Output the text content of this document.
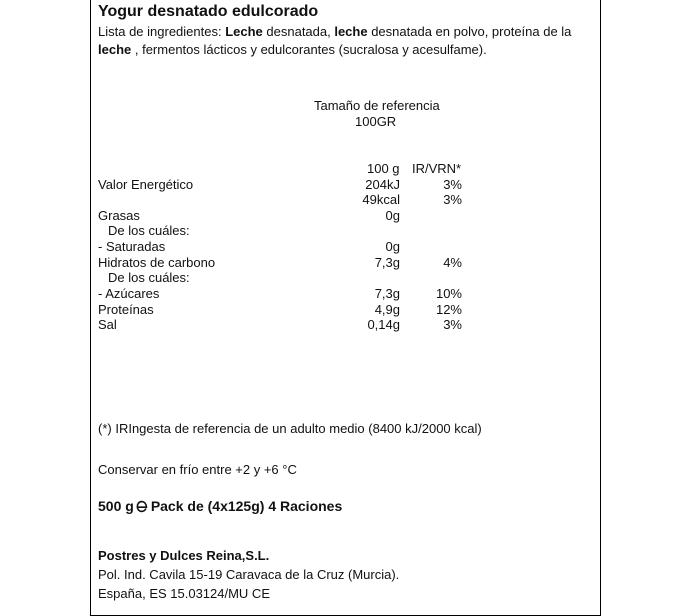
Yogur desnatado edulcorado
Lista de ingredientes: Leche desnatada, leche desnatada en polvo, proteína de la leche , fermentos lácticos y edulcorantes (sucralosa y acesulfame).
Tamaño de referencia
100GR
100 g IR/VRN*
Valor Energético	204kJ	3%
49kcal	3%
Grasas	0g
De los cuáles:
- Saturadas	0g
Hidratos de carbono	7,3g	4%
De los cuáles:
- Azúcares	7,3g	10%
Proteínas	4,9g	12%
Sal	0,14g	3%
(*) IRIngesta de referencia de un adulto medio (8400 kJ/2000 kcal)
Conservar en frío entre +2 y +6 °C
500 g Pack de (4x125g) 4 Raciones
Postres y Dulces Reina,S.L.
Pol. Ind. Cavila 15-19 Caravaca de la Cruz (Murcia).
España, ES 15.03124/MU CE
